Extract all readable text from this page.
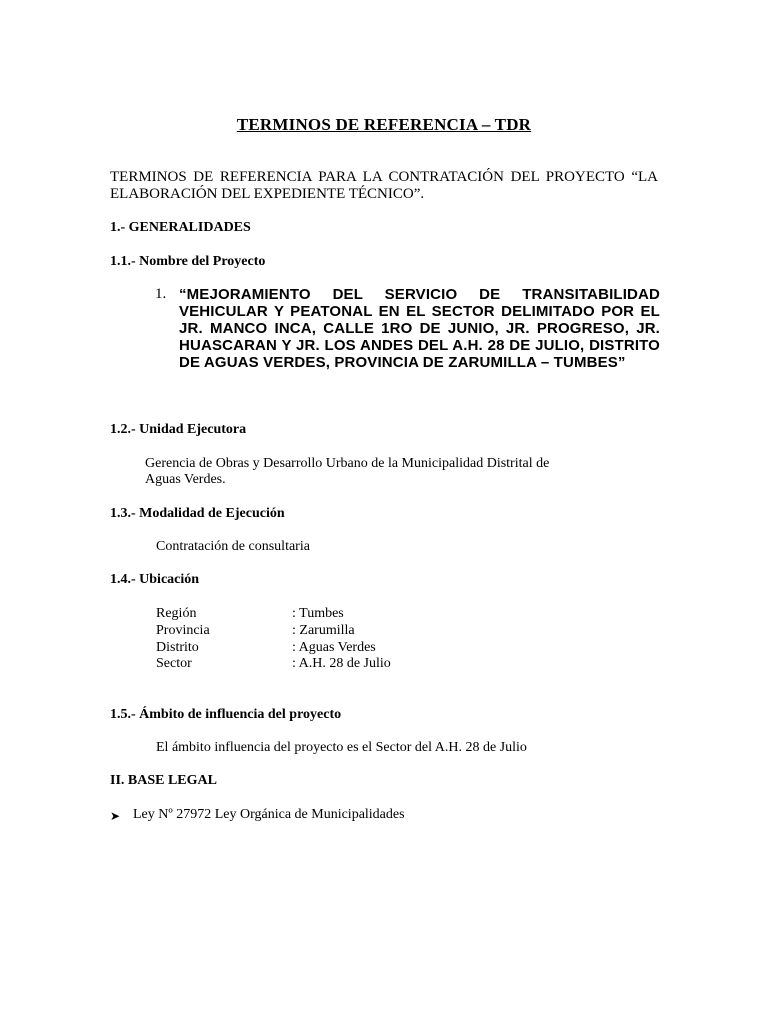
TERMINOS DE REFERENCIA – TDR
TERMINOS DE REFERENCIA PARA LA CONTRATACIÓN DEL PROYECTO “LA ELABORACIÓN DEL EXPEDIENTE TÉCNICO”.
1.- GENERALIDADES
1.1.- Nombre del Proyecto
1. “MEJORAMIENTO DEL SERVICIO DE TRANSITABILIDAD VEHICULAR Y PEATONAL EN EL SECTOR DELIMITADO POR EL JR. MANCO INCA, CALLE 1RO DE JUNIO, JR. PROGRESO, JR. HUASCARAN Y JR. LOS ANDES DEL A.H. 28 DE JULIO, DISTRITO DE AGUAS VERDES, PROVINCIA DE ZARUMILLA – TUMBES”
1.2.- Unidad Ejecutora
Gerencia de Obras y Desarrollo Urbano de la Municipalidad Distrital de
Aguas Verdes.
1.3.- Modalidad de Ejecución
Contratación de consultaria
1.4.- Ubicación
Región	: Tumbes
Provincia	: Zarumilla
Distrito	: Aguas Verdes
Sector	: A.H. 28 de Julio
1.5.- Ámbito de influencia del proyecto
El ámbito influencia del proyecto es el Sector del A.H. 28 de Julio
II. BASE LEGAL
➤ Ley Nº 27972 Ley Orgánica de Municipalidades
